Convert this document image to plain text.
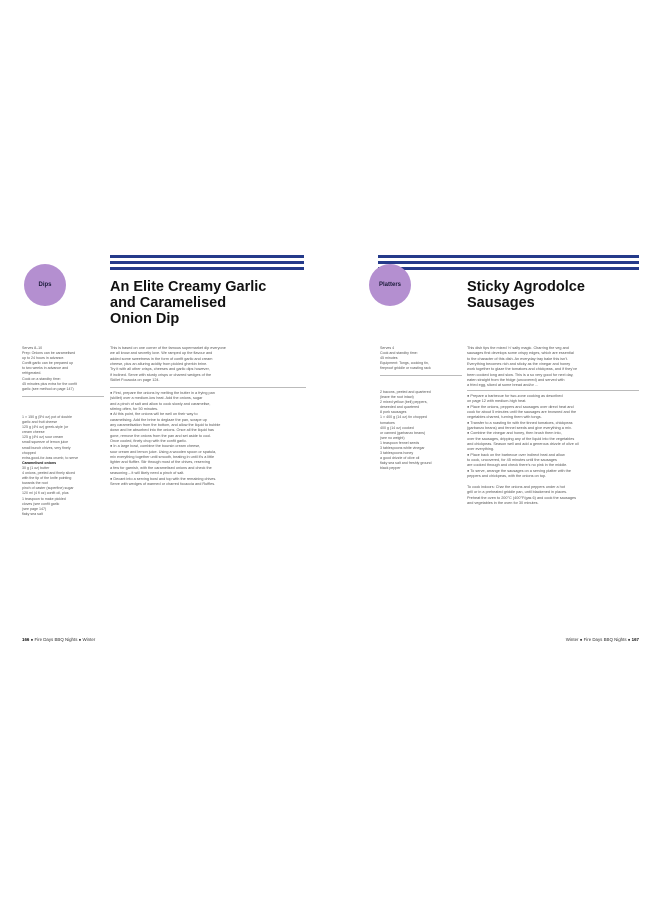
Dips	An Elite Creamy Garlic
and Caramelised
Onion Dip

Serves 8–10

Prep: Onions can be caramelised

up to 24 hours in advance.

Confit garlic can be prepared up

to two weeks in advance and

refrigerated.

Cook on a standby time:

45 minutes plus extra for the confit

garlic (see method on page 147)

1 × 150 g (5½ oz) pot of double

garlic and fruit cheese

125 g (4½ oz) greek-style (or

cream cheese

125 g (4½ oz) sour cream

small squeeze of lemon juice

small bunch chives, very finely

chopped

extra-good-for-toss crumb, to serve

Caramelised onions

30 g (1 oz) butter

4 onions, peeled and finely sliced

with the tip of the knife pointing

towards the root

pinch of caster (superfine) sugar

120 ml (4 fl oz) confit oil, plus

1 teaspoon to make pickled

cloves (see confit garlic

(see page 147)

flaky sea salt

This is based on one corner of the famous supermarket dip everyone

we all know and secretly love. We ramped up the flavour and

added some sweetness in the form of confit garlic and cream

cheese, plus an alluring acidity from pickled gherkin brine.

Try it with all other crisps, cheeses and garlic dips however,

if inclined. Serve with sturdy crisps or charred wedges of the

Skillet Focaccia on page 124.

● First, prepare the onions by melting the butter in a frying pan

(skillet) over a medium-low heat. Add the onions, sugar

and a pinch of salt and allow to cook slowly and caramelise,

stirring often, for 50 minutes.

● At this point, the onions will be well on their way to

caramelising. Add the brine to deglaze the pan, scrape up

any caramelisation from the bottom, and allow the liquid to bubble

down and be absorbed into the onions. Once all the liquid has

gone, remove the onions from the pan and set aside to cool.

Once cooled, finely chop with the confit garlic.

● In a large bowl, combine the boursin cream cheese,

sour cream and lemon juice. Using a wooden spoon or spatula,

mix everything together until smooth, beating in until it's a little

lighter and fluffier. Stir through most of the chives, reserving

a few for garnish, with the caramelised onions and check the

seasoning – it will likely need a pinch of salt.

● Decant into a serving bowl and top with the remaining chives.

Serve with wedges of warmed or charred focaccia and Ruffles.

166 ● Fire Days BBQ Nights ● Winter
Platters	Sticky Agrodolce
Sausages

Serves 4

Cook and standby time:

45 minutes

Equipment: Tongs, cooking tin,

fireproof griddle or roasting rack

2 bacons, peeled and quartered

(leave the root intact)

2 mixed yellow (bell) peppers,

deseeded and quartered

8 pork sausages

1 × 400 g (14 oz) tin chopped

tomatoes

400 g (14 oz) cooked

or canned (garbanzo beans)

(see no weight)

1 teaspoon fennel seeds

3 tablespoons white vinegar

3 tablespoons honey

a good drizzle of olive oil

flaky sea salt and freshly ground

black pepper

This dish tips the mixed 'n' salty magic. Charring the veg and

sausages first develops some crispy edges, which are essential

to the character of this dish. An everyday tray bake this isn't.

Everything becomes rich and sticky as the vinegar and honey

work together to glaze the tomatoes and chickpeas, and if they've

been cooked long and slow. This is a so very good for next day,

eaten straight from the fridge (uncovered) and served with

a fried egg, sliced at some bread and/or ...

● Prepare a barbecue for two-zone cooking as described

on page 12 with medium-high heat.

● Place the onions, peppers and sausages over direct heat and

cook for about 5 minutes until the sausages are browned and the

vegetables charred, turning them with tongs.

● Transfer to a roasting tin with the tinned tomatoes, chickpeas

(garbanzo beans) and fennel seeds and give everything a mix.

● Combine the vinegar and honey, then brush them into,

over the sausages, dripping any of the liquid into the vegetables

and chickpeas. Season well and add a generous drizzle of olive oil

over everything.

● Place back on the barbecue over indirect heat and allow

to cook, uncovered, for 45 minutes until the sausages

are cooked through and check there's no pink in the middle.

● To serve, arrange the sausages on a serving platter with the

peppers and chickpeas, with the onions on top.

To cook indoors: Char the onions and peppers under a hot

grill or in a preheated griddle pan, until blackened in places.

Preheat the oven to 200°C (400°F/gas 6) and cook the sausages

and vegetables in the oven for 30 minutes.

Winter ● Fire Days BBQ Nights ● 167
